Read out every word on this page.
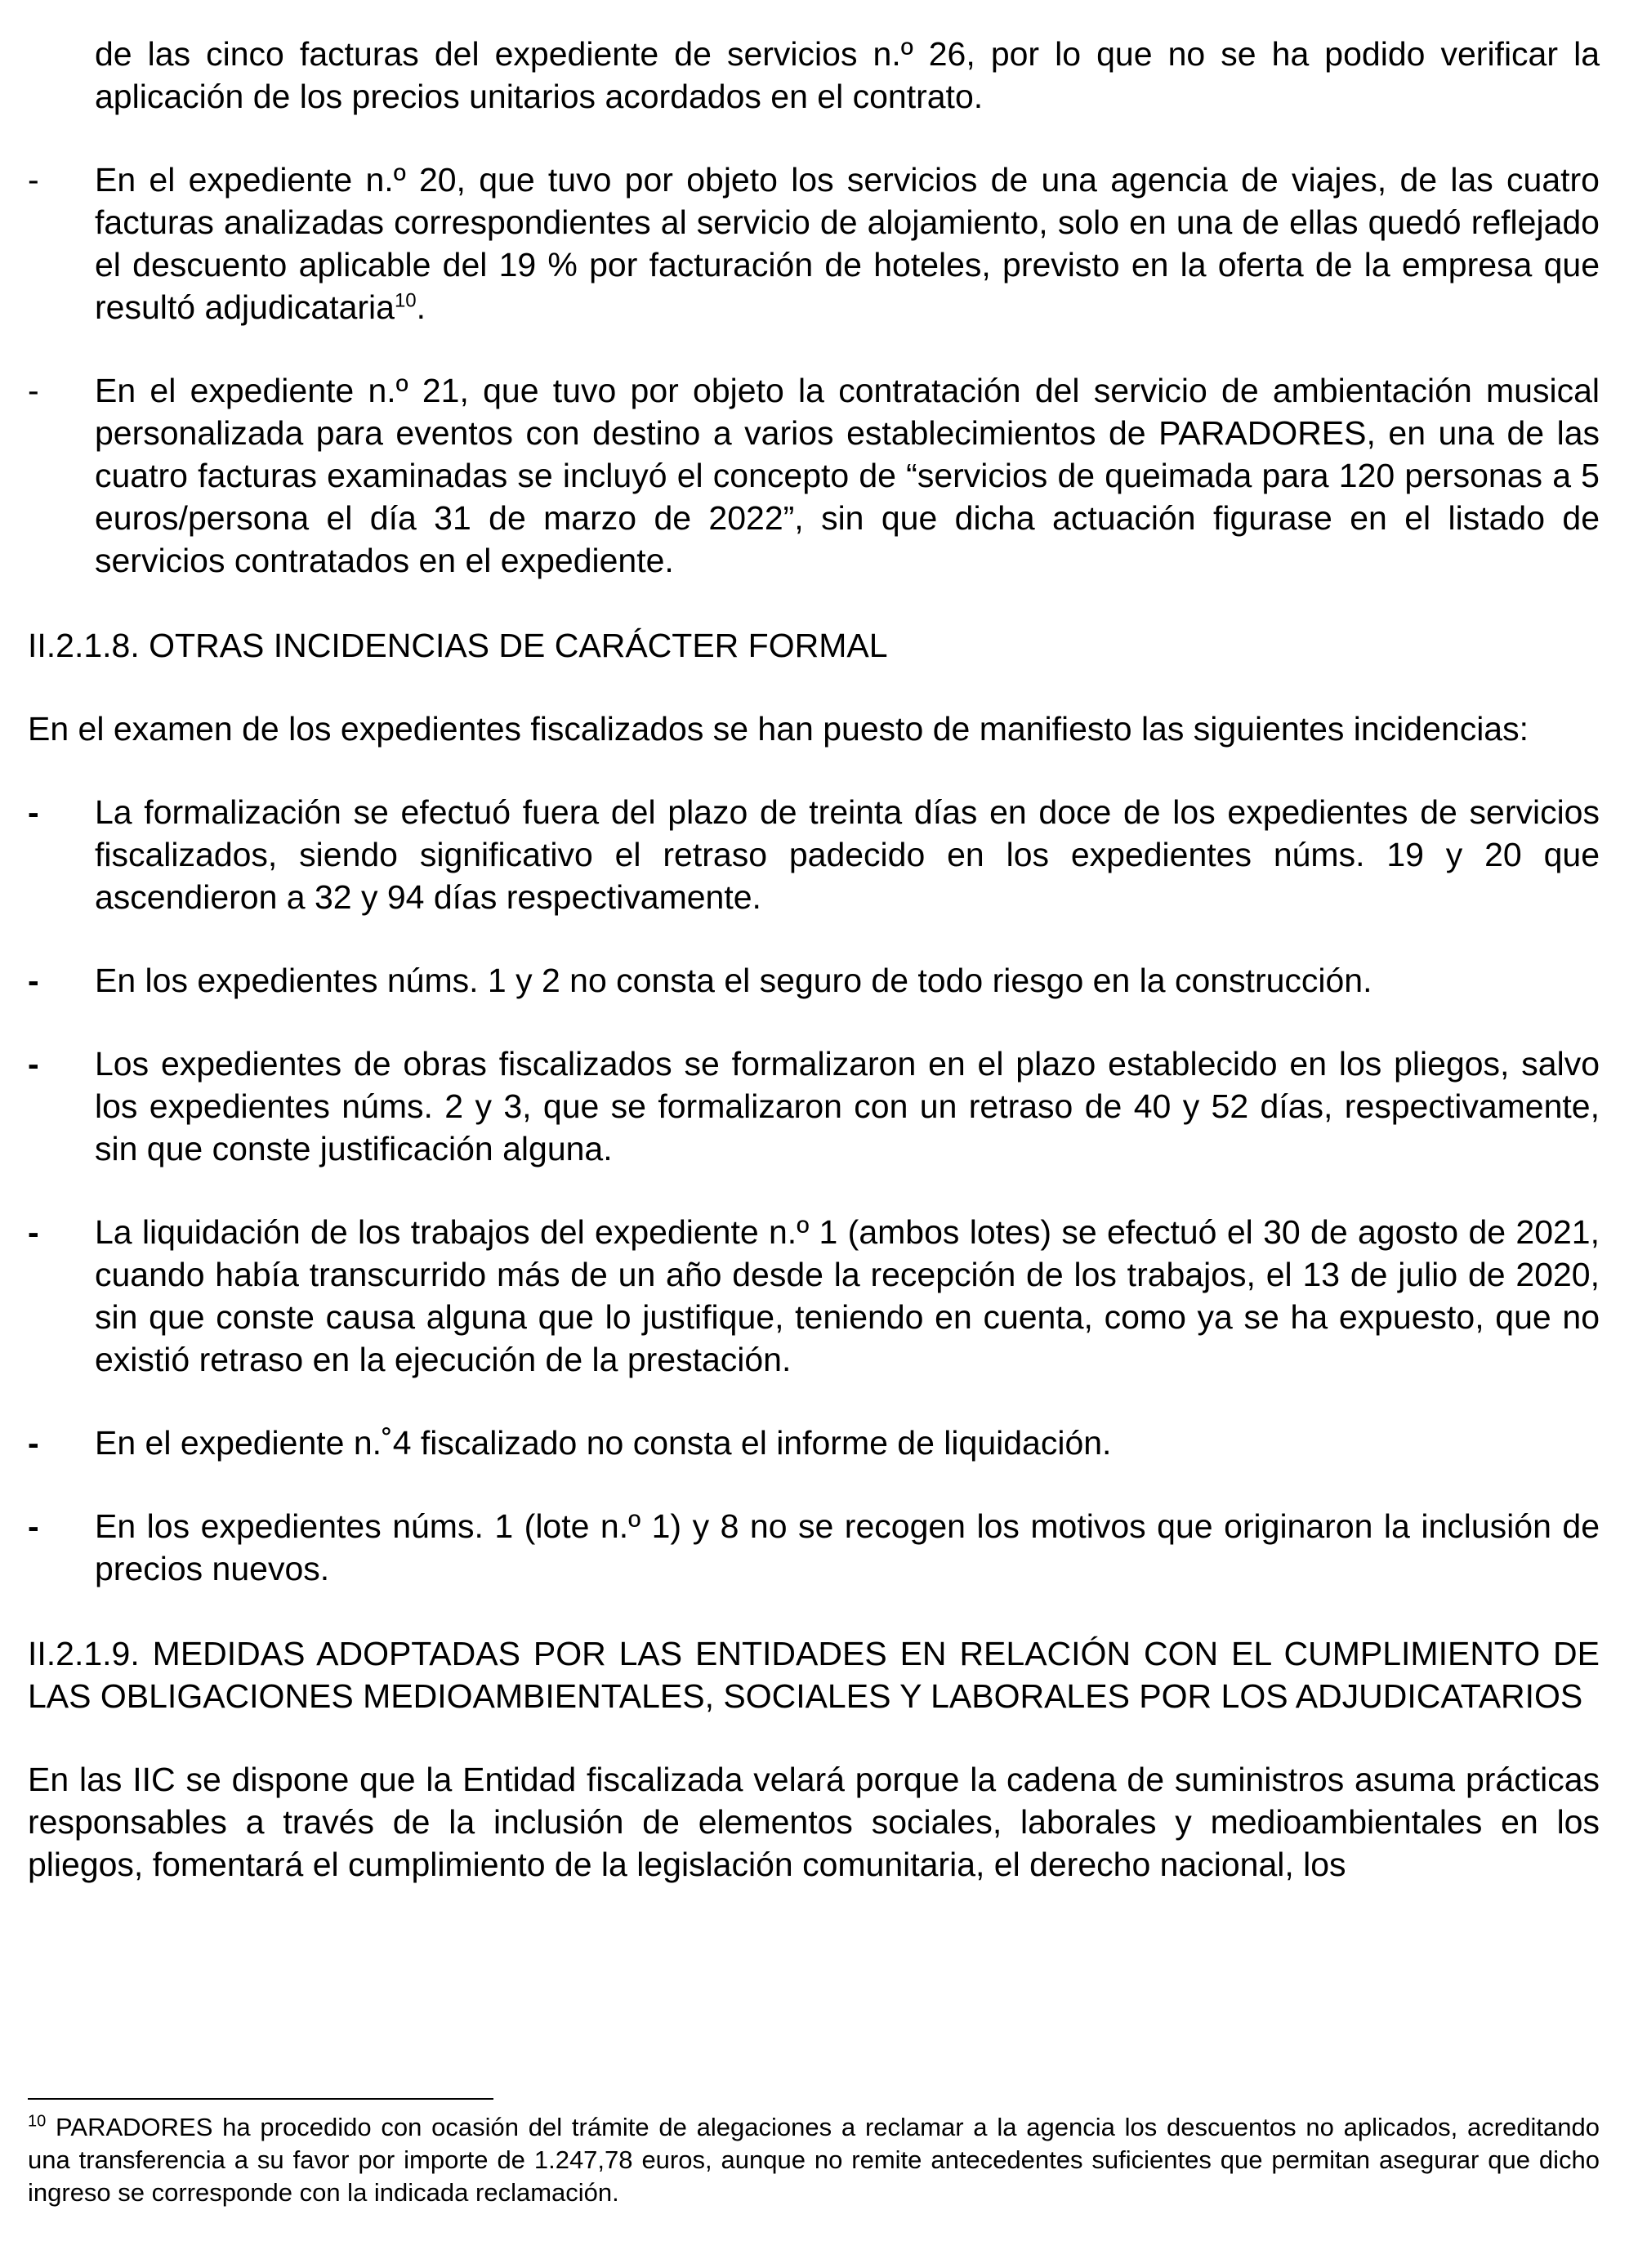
de las cinco facturas del expediente de servicios n.º 26, por lo que no se ha podido verificar la aplicación de los precios unitarios acordados en el contrato.

-	En el expediente n.º 20, que tuvo por objeto los servicios de una agencia de viajes, de las cuatro facturas analizadas correspondientes al servicio de alojamiento, solo en una de ellas quedó reflejado el descuento aplicable del 19 % por facturación de hoteles, previsto en la oferta de la empresa que resultó adjudicataria$^{10}$.
-	En el expediente n.º 21, que tuvo por objeto la contratación del servicio de ambientación musical personalizada para eventos con destino a varios establecimientos de PARADORES, en una de las cuatro facturas examinadas se incluyó el concepto de “servicios de queimada para 120 personas a 5 euros/persona el día 31 de marzo de 2022”, sin que dicha actuación figurase en el listado de servicios contratados en el expediente.

II.2.1.8. OTRAS INCIDENCIAS DE CARÁCTER FORMAL

En el examen de los expedientes fiscalizados se han puesto de manifiesto las siguientes incidencias:

-	La formalización se efectuó fuera del plazo de treinta días en doce de los expedientes de servicios fiscalizados, siendo significativo el retraso padecido en los expedientes núms. 19 y 20 que ascendieron a 32 y 94 días respectivamente.
-	En los expedientes núms. 1 y 2 no consta el seguro de todo riesgo en la construcción.
-	Los expedientes de obras fiscalizados se formalizaron en el plazo establecido en los pliegos, salvo los expedientes núms. 2 y 3, que se formalizaron con un retraso de 40 y 52 días, respectivamente, sin que conste justificación alguna.
-	La liquidación de los trabajos del expediente n.º 1 (ambos lotes) se efectuó el 30 de agosto de 2021, cuando había transcurrido más de un año desde la recepción de los trabajos, el 13 de julio de 2020, sin que conste causa alguna que lo justifique, teniendo en cuenta, como ya se ha expuesto, que no existió retraso en la ejecución de la prestación.
-	En el expediente n.˚4 fiscalizado no consta el informe de liquidación.
-	En los expedientes núms. 1 (lote n.º 1) y 8 no se recogen los motivos que originaron la inclusión de precios nuevos.

II.2.1.9. MEDIDAS ADOPTADAS POR LAS ENTIDADES EN RELACIÓN CON EL CUMPLIMIENTO DE LAS OBLIGACIONES MEDIOAMBIENTALES, SOCIALES Y LABORALES POR LOS ADJUDICATARIOS

En las IIC se dispone que la Entidad fiscalizada velará porque la cadena de suministros asuma prácticas responsables a través de la inclusión de elementos sociales, laborales y medioambientales en los pliegos, fomentará el cumplimiento de la legislación comunitaria, el derecho nacional, los

$^{10}$ PARADORES ha procedido con ocasión del trámite de alegaciones a reclamar a la agencia los descuentos no aplicados, acreditando una transferencia a su favor por importe de 1.247,78 euros, aunque no remite antecedentes suficientes que permitan asegurar que dicho ingreso se corresponde con la indicada reclamación.
